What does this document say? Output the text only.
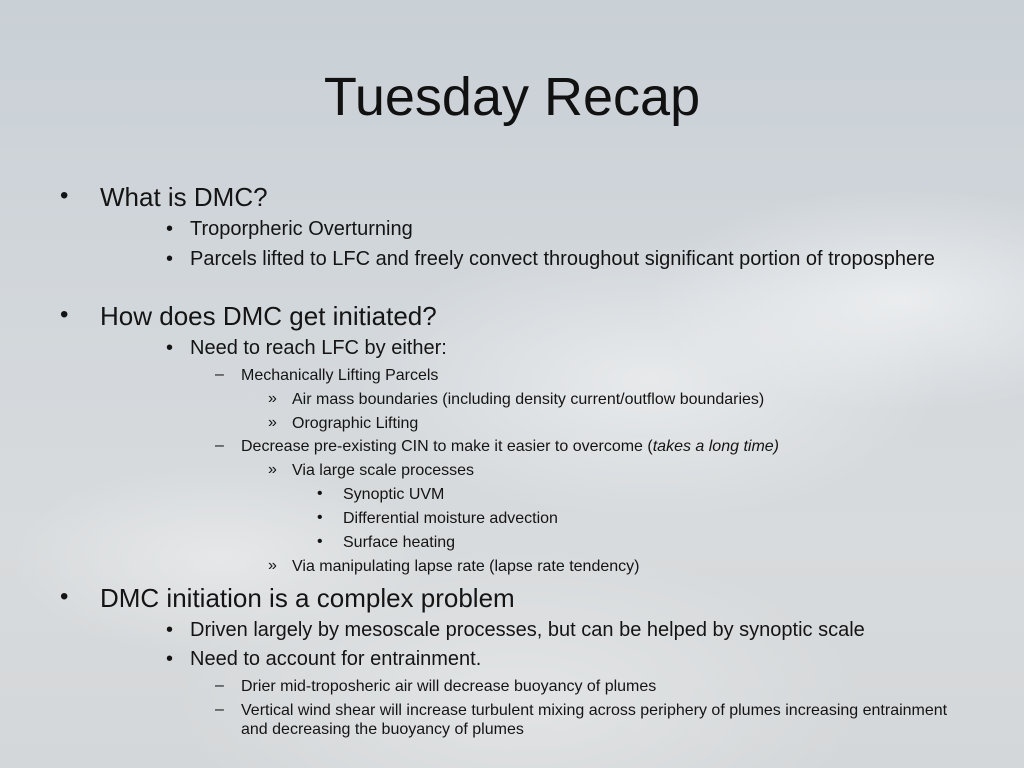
Tuesday Recap
• What is DMC?
• Troporpheric Overturning
• Parcels lifted to LFC and freely convect throughout significant portion of troposphere
• How does DMC get initiated?
• Need to reach LFC by either:
– Mechanically Lifting Parcels
» Air mass boundaries (including density current/outflow boundaries)
» Orographic Lifting
– Decrease pre-existing CIN to make it easier to overcome (takes a long time)
» Via large scale processes
• Synoptic UVM
• Differential moisture advection
• Surface heating
» Via manipulating lapse rate (lapse rate tendency)
• DMC initiation is a complex problem
• Driven largely by mesoscale processes, but can be helped by synoptic scale
• Need to account for entrainment.
– Drier mid-troposheric air will decrease buoyancy of plumes
– Vertical wind shear will increase turbulent mixing across periphery of plumes increasing entrainment and decreasing the buoyancy of plumes
